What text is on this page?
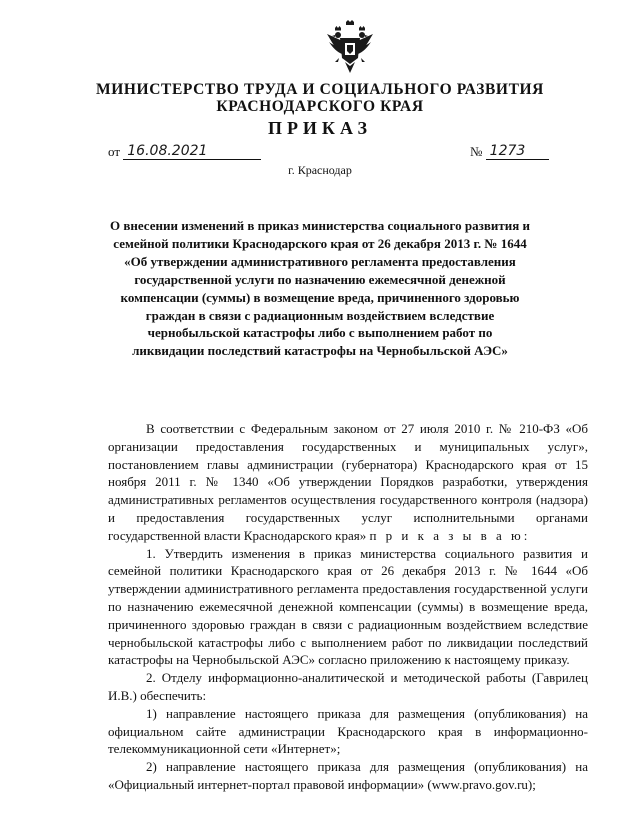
МИНИСТЕРСТВО ТРУДА И СОЦИАЛЬНОГО РАЗВИТИЯ
КРАСНОДАРСКОГО КРАЯ
ПРИКАЗ
от 16.08.2021	№ 1273
г. Краснодар
О внесении изменений в приказ министерства социального развития и семейной политики Краснодарского края от 26 декабря 2013 г. № 1644 «Об утверждении административного регламента предоставления государственной услуги по назначению ежемесячной денежной компенсации (суммы) в возмещение вреда, причиненного здоровью граждан в связи с радиационным воздействием вследствие чернобыльской катастрофы либо с выполнением работ по ликвидации последствий катастрофы на Чернобыльской АЭС»

В соответствии с Федеральным законом от 27 июля 2010 г. № 210-ФЗ «Об организации предоставления государственных и муниципальных услуг», постановлением главы администрации (губернатора) Краснодарского края от 15 ноября 2011 г. № 1340 «Об утверждении Порядков разработки, утверждения административных регламентов осуществления государственного контроля (надзора) и предоставления государственных услуг исполнительными органами государственной власти Краснодарского края» п р и к а з ы в а ю:

1. Утвердить изменения в приказ министерства социального развития и семейной политики Краснодарского края от 26 декабря 2013 г. № 1644 «Об утверждении административного регламента предоставления государственной услуги по назначению ежемесячной денежной компенсации (суммы) в возмещение вреда, причиненного здоровью граждан в связи с радиационным воздействием вследствие чернобыльской катастрофы либо с выполнением работ по ликвидации последствий катастрофы на Чернобыльской АЭС» согласно приложению к настоящему приказу.

2. Отделу информационно-аналитической и методической работы (Гаврилец И.В.) обеспечить:

1) направление настоящего приказа для размещения (опубликования) на официальном сайте администрации Краснодарского края в информационно-телекоммуникационной сети «Интернет»;

2) направление настоящего приказа для размещения (опубликования) на «Официальный интернет-портал правовой информации» (www.pravo.gov.ru);
